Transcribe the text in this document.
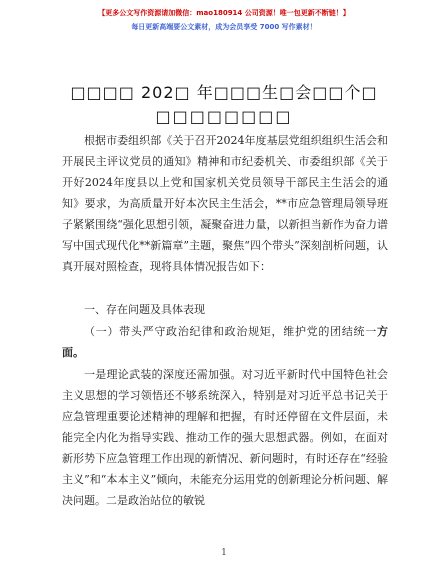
【更多公文写作资源请加微信：mao180914 公司资源！唯一包更新不断链！】
每日更新高端要公文素材，成为会员享受 7000 写作素材！
□□□□ 202□ 年□□□生□会□□个□
□□□□□□□□
根据市委组织部《关于召开2024年度基层党组织组织生活会和开展民主评议党员的通知》精神和市纪委机关、市委组织部《关于开好2024年度县以上党和国家机关党员领导干部民主生活会的通知》要求，为高质量开好本次民主生活会，**市应急管理局领导班子紧紧围绕“强化思想引领，凝聚奋进力量，以新担当新作为奋力谱写中国式现代化**新篇章”主题，聚焦“四个带头”深刻剖析问题，认真开展对照检查，现将具体情况报告如下：
一、存在问题及具体表现
（一）带头严守政治纪律和政治规矩，维护党的团结统一方面。
一是理论武装的深度还需加强。对习近平新时代中国特色社会主义思想的学习领悟还不够系统深入，特别是对习近平总书记关于应急管理重要论述精神的理解和把握，有时还停留在文件层面，未能完全内化为指导实践、推动工作的强大思想武器。例如，在面对新形势下应急管理工作出现的新情况、新问题时，有时还存在“经验主义”和“本本主义”倾向，未能充分运用党的创新理论分析问题、解决问题。二是政治站位的敏锐
1
